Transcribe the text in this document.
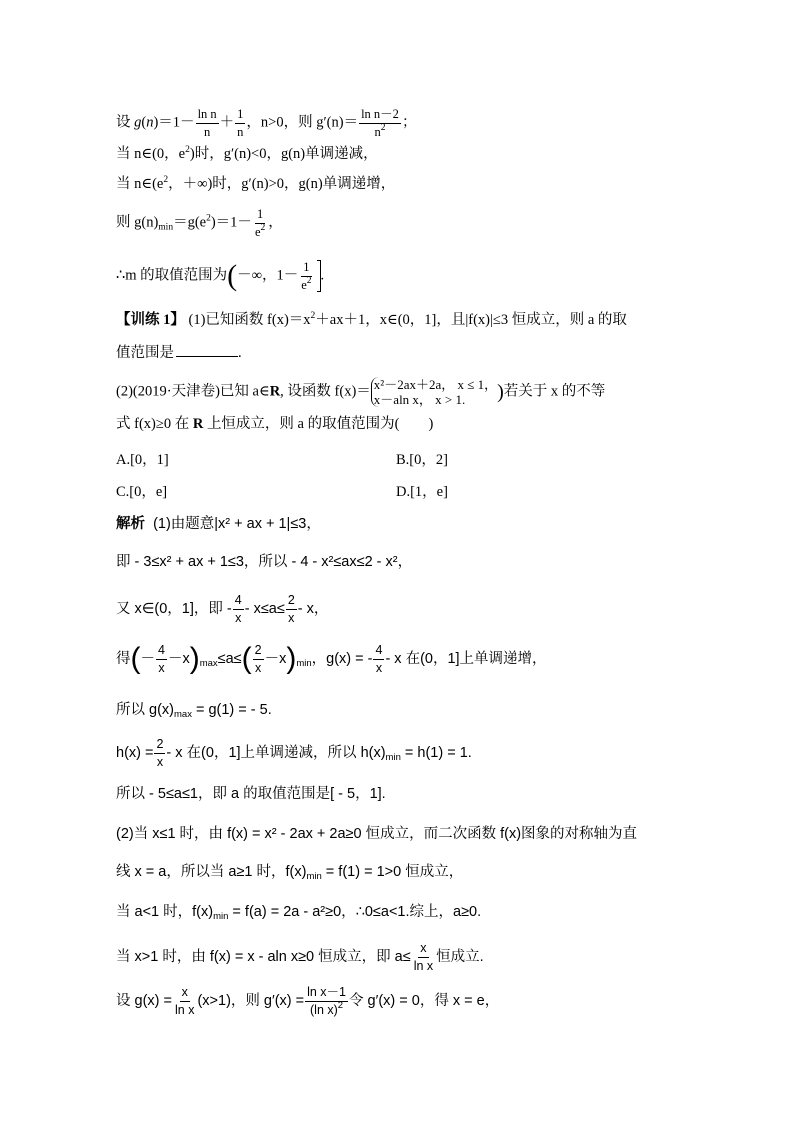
设 $g(n)=1- \frac{\text{ln n}}{n} + \frac{1}{n}$ ，n>0，则 $g'(n)= \frac{\text{ln n－2}}{n^2}$ ；
当 n∈(0，$e^2$)时，g′(n)<0，g(n)单调递减，
当 $n\in(e^2$，＋∞)时，g′(n)>0，g(n)单调递增，
则 $g(n)_{min}=g(e^2)=1- \frac{1}{e^2}$ ，
∴m 的取值范围为(－∞，$1- \frac{1}{e^2}$ .
【训练 1】 (1)已知函数 $f(x)=x^2+ax+1$，x∈(0，1]，且|f(x)|≤3 恒成立，则 a 的取
值范围是	.
(2)(2019·天津卷)已知 a∈R, 设函数 f(x)＝ x²－2ax＋2a， x ≤ 1，
x－aln x， x > 1.	)若关于 x 的不等
式 f(x)≥0 在 R 上恒成立，则 a 的取值范围为(　　)
A.[0，1]	B.[0，2]
C.[0，e]	D.[1，e]
解析 (1)由题意|x² + ax + 1|≤3，
即 - 3≤x² + ax + 1≤3，所以 - 4 - x²≤ax≤2 - x²，
又 x∈(0，1]，即 - $\frac{4}{x} - x\le a\le \frac{2}{x} - x$，
得(－ $\frac{4}{x} -x)_{max}\le a\le( \frac{2}{x} -x)_{min}$，g(x) = - $\frac{4}{x}$ - x 在(0，1]上单调递增，
所以 $g(x)_{max} = g(1)$ = - 5.
$h(x) = \frac{2}{x} - x$ 在(0，1]上单调递减，所以 $h(x)_{min} = h(1) = 1$.
所以 - 5≤a≤1，即 a 的取值范围是[ - 5，1].
(2)当 x≤1 时，由 f(x) = x² - 2ax + 2a≥0 恒成立，而二次函数 f(x)图象的对称轴为直
线 x = a，所以当 a≥1 时，$f(x)_{min} = f(1) = 1>0$ 恒成立，
当 a<1 时，$f(x)_{min} = f(a) = 2a - a^2\ge 0$，∴0≤a<1.综上，a≥0.
当 x>1 时，由 f(x) = x - aln x≥0 恒成立，即 $a\le \frac{x}{\text{ln x}}$ 恒成立.
设 $g(x) = \frac{x}{\text{ln x}} (x>1)$，则 $g'(x) = \frac{\text{ln x－1}}{(\ln x)^2}$ 令 g′(x) = 0，得 x = e，
